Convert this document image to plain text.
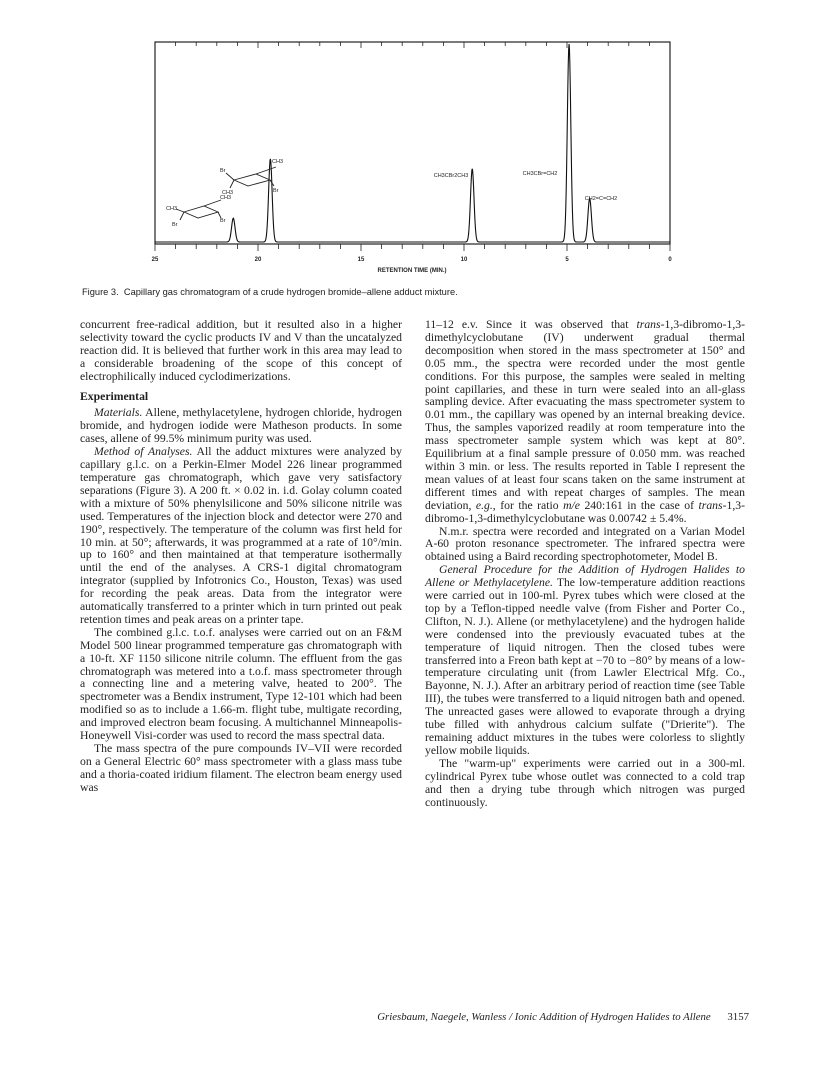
25	20	15	10	5	0
CH3CBr2CH3	CH3CBr=CH2
CH2=C=CH2
CH3
Br
CH3	Br
CH3
Br
CH3
Br
RETENTION TIME (MIN.)
Figure 3. Capillary gas chromatogram of a crude hydrogen bromide–allene adduct mixture.

concurrent free-radical addition, but it resulted also in a higher selectivity toward the cyclic products IV and V than the uncatalyzed reaction did. It is believed that further work in this area may lead to a considerable broadening of the scope of this concept of electrophilically induced cyclodimerizations.

Experimental

Materials. Allene, methylacetylene, hydrogen chloride, hydrogen bromide, and hydrogen iodide were Matheson products. In some cases, allene of 99.5% minimum purity was used.

Method of Analyses. All the adduct mixtures were analyzed by capillary g.l.c. on a Perkin-Elmer Model 226 linear programmed temperature gas chromatograph, which gave very satisfactory separations (Figure 3). A 200 ft. × 0.02 in. i.d. Golay column coated with a mixture of 50% phenylsilicone and 50% silicone nitrile was used. Temperatures of the injection block and detector were 270 and 190°, respectively. The temperature of the column was first held for 10 min. at 50°; afterwards, it was programmed at a rate of 10°/min. up to 160° and then maintained at that temperature isothermally until the end of the analyses. A CRS-1 digital chromatogram integrator (supplied by Infotronics Co., Houston, Texas) was used for recording the peak areas. Data from the integrator were automatically transferred to a printer which in turn printed out peak retention times and peak areas on a printer tape.

The combined g.l.c. t.o.f. analyses were carried out on an F&M Model 500 linear programmed temperature gas chromatograph with a 10-ft. XF 1150 silicone nitrile column. The effluent from the gas chromatograph was metered into a t.o.f. mass spectrometer through a connecting line and a metering valve, heated to 200°. The spectrometer was a Bendix instrument, Type 12-101 which had been modified so as to include a 1.66-m. flight tube, multigate recording, and improved electron beam focusing. A multichannel Minneapolis-Honeywell Visi-corder was used to record the mass spectral data.

The mass spectra of the pure compounds IV–VII were recorded on a General Electric 60° mass spectrometer with a glass mass tube and a thoria-coated iridium filament. The electron beam energy used was

11–12 e.v. Since it was observed that trans-1,3-dibromo-1,3-dimethylcyclobutane (IV) underwent gradual thermal decomposition when stored in the mass spectrometer at 150° and 0.05 mm., the spectra were recorded under the most gentle conditions. For this purpose, the samples were sealed in melting point capillaries, and these in turn were sealed into an all-glass sampling device. After evacuating the mass spectrometer system to 0.01 mm., the capillary was opened by an internal breaking device. Thus, the samples vaporized readily at room temperature into the mass spectrometer sample system which was kept at 80°. Equilibrium at a final sample pressure of 0.050 mm. was reached within 3 min. or less. The results reported in Table I represent the mean values of at least four scans taken on the same instrument at different times and with repeat charges of samples. The mean deviation, e.g., for the ratio m/e 240:161 in the case of trans-1,3-dibromo-1,3-dimethylcyclobutane was 0.00742 ± 5.4%.

N.m.r. spectra were recorded and integrated on a Varian Model A-60 proton resonance spectrometer. The infrared spectra were obtained using a Baird recording spectrophotometer, Model B.

General Procedure for the Addition of Hydrogen Halides to Allene or Methylacetylene. The low-temperature addition reactions were carried out in 100-ml. Pyrex tubes which were closed at the top by a Teflon-tipped needle valve (from Fisher and Porter Co., Clifton, N. J.). Allene (or methylacetylene) and the hydrogen halide were condensed into the previously evacuated tubes at the temperature of liquid nitrogen. Then the closed tubes were transferred into a Freon bath kept at −70 to −80° by means of a low-temperature circulating unit (from Lawler Electrical Mfg. Co., Bayonne, N. J.). After an arbitrary period of reaction time (see Table III), the tubes were transferred to a liquid nitrogen bath and opened. The unreacted gases were allowed to evaporate through a drying tube filled with anhydrous calcium sulfate ("Drierite"). The remaining adduct mixtures in the tubes were colorless to slightly yellow mobile liquids.

The "warm-up" experiments were carried out in a 300-ml. cylindrical Pyrex tube whose outlet was connected to a cold trap and then a drying tube through which nitrogen was purged continuously.

Griesbaum, Naegele, Wanless / Ionic Addition of Hydrogen Halides to Allene 3157
